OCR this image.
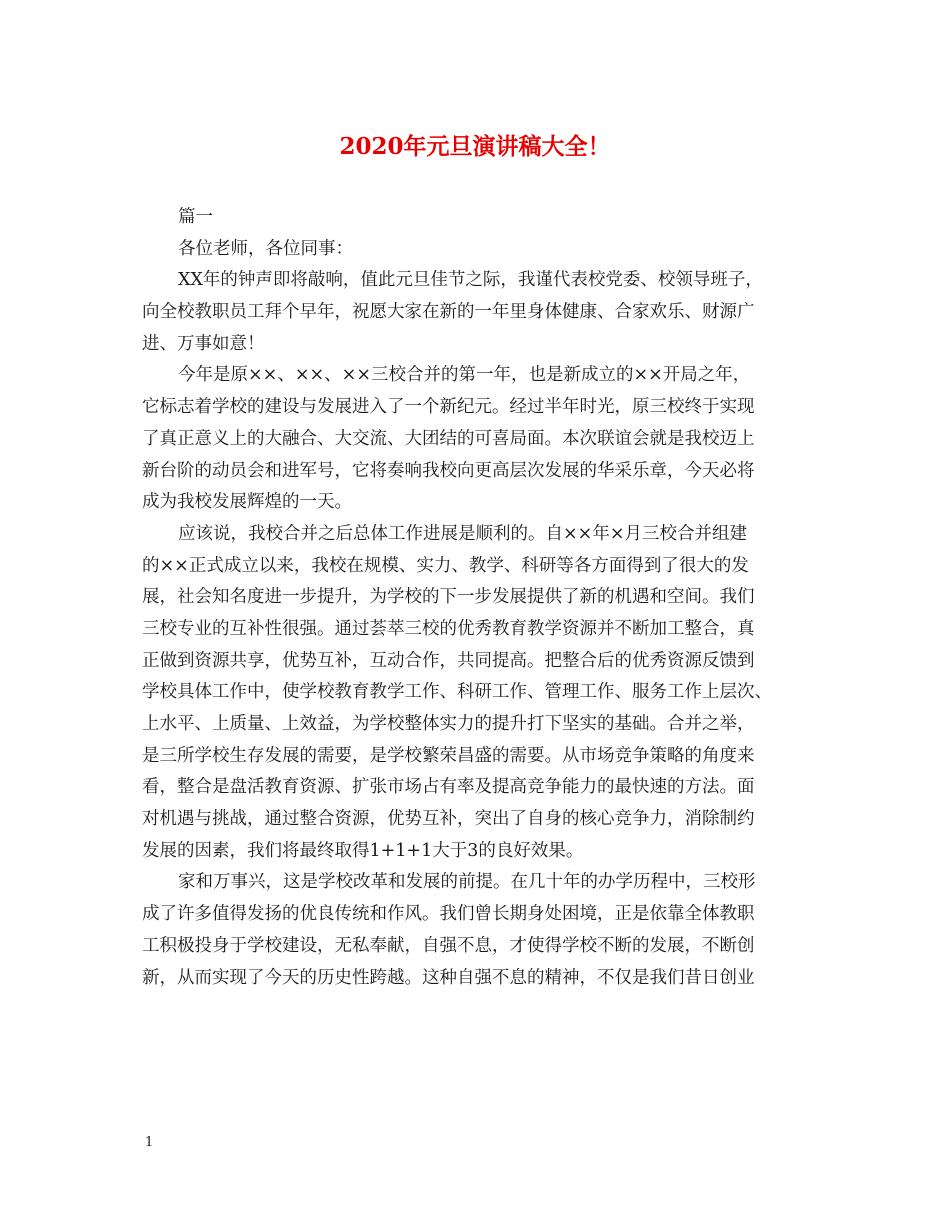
2020年元旦演讲稿大全！
篇一
各位老师，各位同事：
XX年的钟声即将敲响，值此元旦佳节之际，我谨代表校党委、校领导班子，
向全校教职员工拜个早年，祝愿大家在新的一年里身体健康、合家欢乐、财源广
进、万事如意！
今年是原××、××、××三校合并的第一年，也是新成立的××开局之年，
它标志着学校的建设与发展进入了一个新纪元。经过半年时光，原三校终于实现
了真正意义上的大融合、大交流、大团结的可喜局面。本次联谊会就是我校迈上
新台阶的动员会和进军号，它将奏响我校向更高层次发展的华采乐章，今天必将
成为我校发展辉煌的一天。
应该说，我校合并之后总体工作进展是顺利的。自××年×月三校合并组建
的××正式成立以来，我校在规模、实力、教学、科研等各方面得到了很大的发
展，社会知名度进一步提升，为学校的下一步发展提供了新的机遇和空间。我们
三校专业的互补性很强。通过荟萃三校的优秀教育教学资源并不断加工整合，真
正做到资源共享，优势互补，互动合作，共同提高。把整合后的优秀资源反馈到
学校具体工作中，使学校教育教学工作、科研工作、管理工作、服务工作上层次、
上水平、上质量、上效益，为学校整体实力的提升打下坚实的基础。合并之举，
是三所学校生存发展的需要，是学校繁荣昌盛的需要。从市场竞争策略的角度来
看，整合是盘活教育资源、扩张市场占有率及提高竞争能力的最快速的方法。面
对机遇与挑战，通过整合资源，优势互补，突出了自身的核心竞争力，消除制约
发展的因素，我们将最终取得1+1+1大于3的良好效果。
家和万事兴，这是学校改革和发展的前提。在几十年的办学历程中，三校形
成了许多值得发扬的优良传统和作风。我们曾长期身处困境，正是依靠全体教职
工积极投身于学校建设，无私奉献，自强不息，才使得学校不断的发展，不断创
新，从而实现了今天的历史性跨越。这种自强不息的精神，不仅是我们昔日创业
1
